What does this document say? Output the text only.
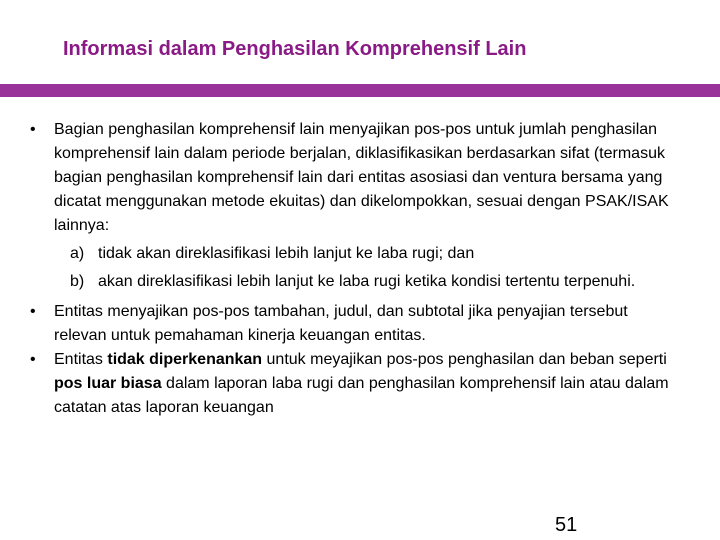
Informasi dalam Penghasilan Komprehensif Lain
•	Bagian penghasilan komprehensif lain menyajikan pos-pos untuk jumlah penghasilan komprehensif lain dalam periode berjalan, diklasifikasikan berdasarkan sifat (termasuk bagian penghasilan komprehensif lain dari entitas asosiasi dan ventura bersama yang dicatat menggunakan metode ekuitas) dan dikelompokkan, sesuai dengan PSAK/ISAK lainnya:
a) tidak akan direklasifikasi lebih lanjut ke laba rugi; dan
b) akan direklasifikasi lebih lanjut ke laba rugi ketika kondisi tertentu terpenuhi.
•	Entitas menyajikan pos-pos tambahan, judul, dan subtotal jika penyajian tersebut relevan untuk pemahaman kinerja keuangan entitas.
•	Entitas tidak diperkenankan untuk meyajikan pos-pos penghasilan dan beban seperti pos luar biasa dalam laporan laba rugi dan penghasilan komprehensif lain atau dalam catatan atas laporan keuangan
51
